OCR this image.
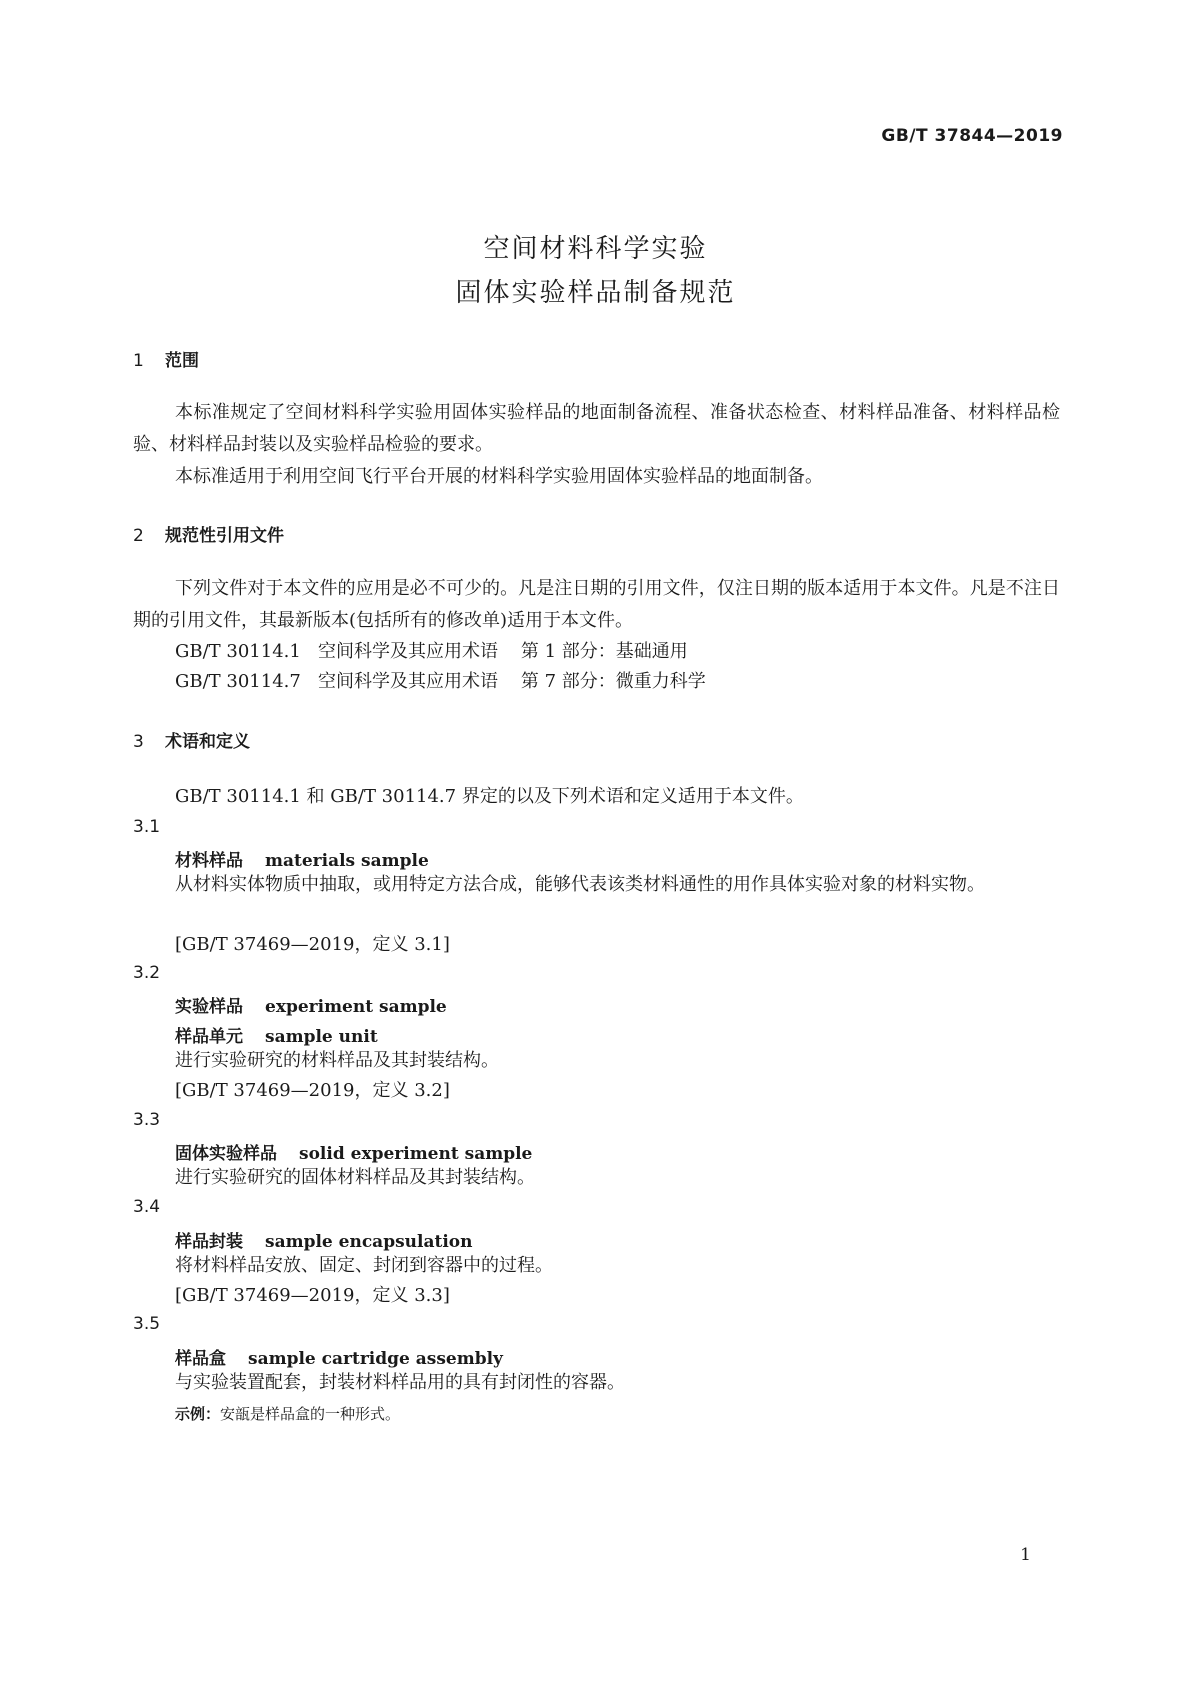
GB/T 37844—2019
空间材料科学实验
固体实验样品制备规范
1 范围
本标准规定了空间材料科学实验用固体实验样品的地面制备流程、准备状态检查、材料样品准备、材料样品检验、材料样品封装以及实验样品检验的要求。
本标准适用于利用空间飞行平台开展的材料科学实验用固体实验样品的地面制备。
2 规范性引用文件
下列文件对于本文件的应用是必不可少的。凡是注日期的引用文件，仅注日期的版本适用于本文件。凡是不注日期的引用文件，其最新版本(包括所有的修改单)适用于本文件。
GB/T 30114.1   空间科学及其应用术语    第 1 部分：基础通用
GB/T 30114.7   空间科学及其应用术语    第 7 部分：微重力科学
3 术语和定义
GB/T 30114.1 和 GB/T 30114.7 界定的以及下列术语和定义适用于本文件。
3.1
材料样品 materials sample
从材料实体物质中抽取，或用特定方法合成，能够代表该类材料通性的用作具体实验对象的材料实物。
[GB/T 37469—2019，定义 3.1]
3.2
实验样品 experiment sample
样品单元 sample unit
进行实验研究的材料样品及其封装结构。
[GB/T 37469—2019，定义 3.2]
3.3
固体实验样品 solid experiment sample
进行实验研究的固体材料样品及其封装结构。
3.4
样品封装 sample encapsulation
将材料样品安放、固定、封闭到容器中的过程。
[GB/T 37469—2019，定义 3.3]
3.5
样品盒 sample cartridge assembly
与实验装置配套，封装材料样品用的具有封闭性的容器。
示例：安瓿是样品盒的一种形式。
1
